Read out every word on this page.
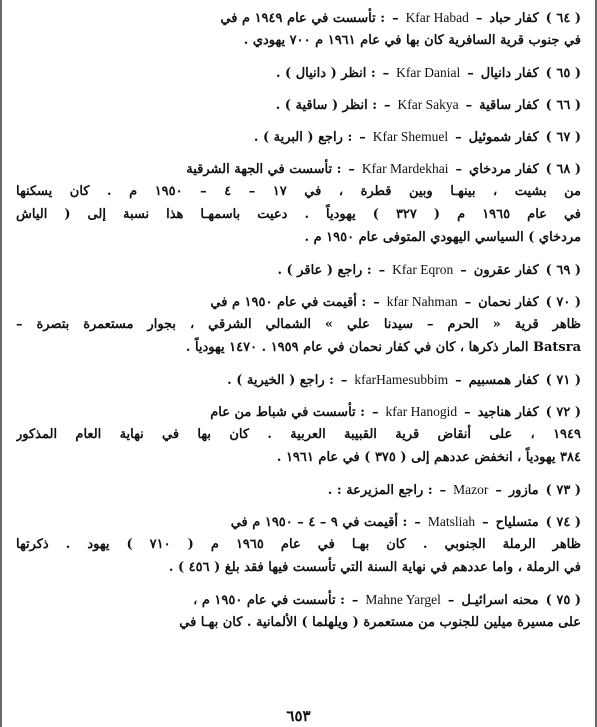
( ٦٤ )
كفار حباد
–
Kfar Habad
–
: تأسست في عام ١٩٤٩ م في
في جنوب قرية السافرية كان بها في عام ١٩٦١ م ٧٠٠ يهودي .
( ٦٥ )
كفار دانيال
–
Kfar Danial
–
: انظر ( دانيال ) .
( ٦٦ )
كفار ساقية
–
Kfar Sakya
–
: انظر ( ساقية ) .
( ٦٧ )
كفار شموئيل
–
Kfar Shemuel
–
: راجع ( البرية ) .
( ٦٨ )
كفار مردخاي
–
Kfar Mardekhai
–
: تأسست في الجهة الشرقية
من بشيت ، بينهـا وبين قطرة ، في ١٧ – ٤ – ١٩٥٠ م . كان يسكنها
في عام ١٩٦٥ م ( ٣٢٧ ) يهودياً . دعيت باسمهـا هذا نسبة إلى ( الياش
مردخاي ) السياسي اليهودي المتوفى عام ١٩٥٠ م .
( ٦٩ )
كفار عقرون
–
Kfar Eqron
–
: راجع ( عاقر ) .
( ٧٠ )
كفار نحمان
–
kfar Nahman
–
: أقيمت في عام ١٩٥٠ م في
ظاهر قرية « الحرم – سيدنا علي » الشمالي الشرقي ، بجوار مستعمرة بتصرة –
Batsra المار ذكرها ، كان في كفار نحمان في عام ١٩٥٩ . ١٤٧٠ يهودياً .
( ٧١ )
كفار همسبيم
–
kfarHamesubbim
–
: راجع ( الخيرية ) .
( ٧٢ )
كفار هناجيد
–
kfar Hanogid
–
: تأسست في شباط من عام
١٩٤٩ ، على أنقاض قرية القبيبة العربية . كان بها في نهاية العام المذكور
٣٨٤ يهودياً ، انخفض عددهم إلى ( ٣٧٥ ) في عام ١٩٦١ .
( ٧٣ )
مازور
–
Mazor
–
: راجع المزيرعة : .
( ٧٤ )
متسلياح
–
Matsliah
–
: أقيمت في ٩ – ٤ – ١٩٥٠ م في
ظاهر الرملة الجنوبي . كان بهـا في عام ١٩٦٥ م ( ٧١٠ ) يهود . ذكرتها
في الرملة ، واما عددهم في نهاية السنة التي تأسست فيها فقد بلغ ( ٤٥٦ ) .
( ٧٥ )
محنه اسرائيـل
–
Mahne Yargel
–
: تأسست في عام ١٩٥٠ م ،
على مسيرة ميلين للجنوب من مستعمرة ( ويلهلما ) الألمانية . كان بهـا في
٦٥٣
